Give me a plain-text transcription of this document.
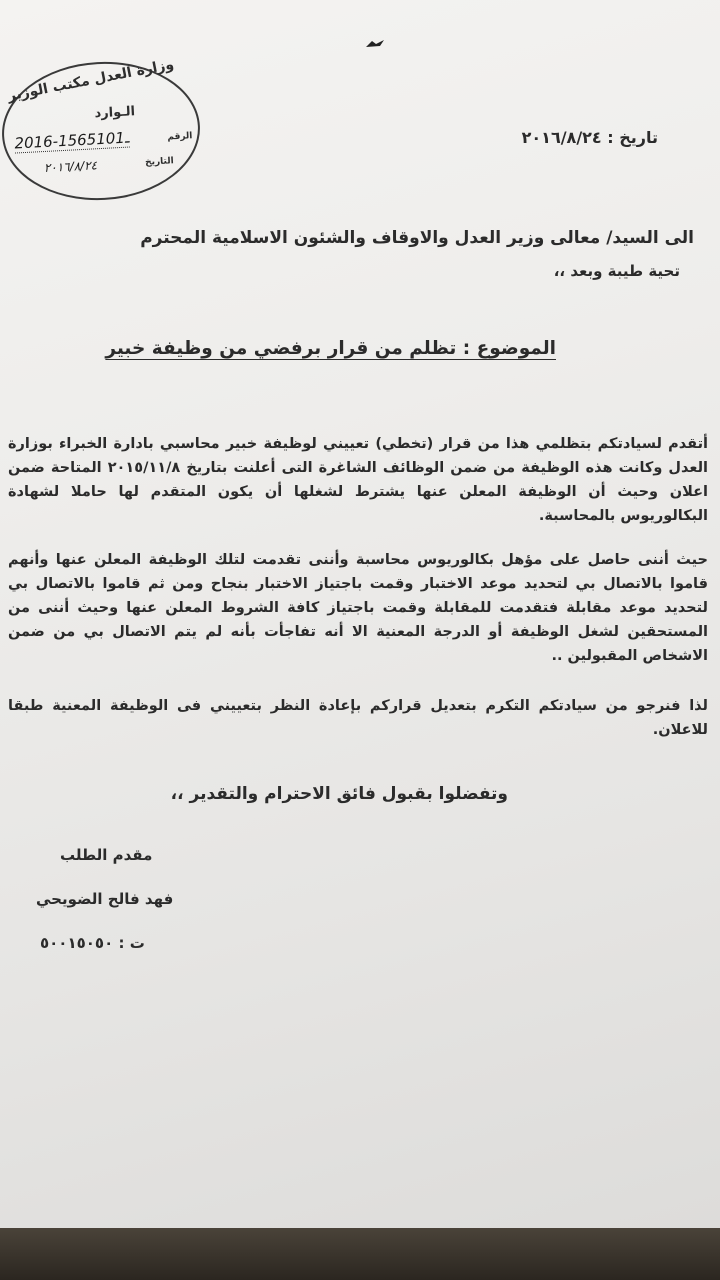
وزارة العدل مكتب الوزير
الـوارد
الرقم
2016-15651ـ01
التاريخ
٢٠١٦/٨/٢٤
تاريخ : ٢٠١٦/٨/٢٤
الى السيد/ معالى وزير العدل والاوقاف والشئون الاسلامية المحترم
تحية طيبة وبعد ،،
الموضوع : تظلم من قرار برفضي من وظيفة خبير
أتقدم لسيادتكم بتظلمي هذا من قرار (تخطي) تعييني لوظيفة خبير محاسبي بادارة الخبراء بوزارة العدل وكانت هذه الوظيفة من ضمن الوظائف الشاغرة التى أعلنت بتاريخ ٢٠١٥/١١/٨ المتاحة ضمن اعلان وحيث أن الوظيفة المعلن عنها يشترط لشغلها أن يكون المتقدم لها حاملا لشهادة البكالوريوس بالمحاسبة.
حيث أننى حاصل على مؤهل بكالوريوس محاسبة وأننى تقدمت لتلك الوظيفة المعلن عنها وأنهم قاموا بالاتصال بي لتحديد موعد الاختبار وقمت باجتياز الاختبار بنجاح ومن ثم قاموا بالاتصال بي لتحديد موعد مقابلة فتقدمت للمقابلة وقمت باجتياز كافة الشروط المعلن عنها وحيث أننى من المستحقين لشغل الوظيفة أو الدرجة المعنية الا أنه تفاجأت بأنه لم يتم الاتصال بي من ضمن الاشخاص المقبولين ..
لذا فنرجو من سيادتكم التكرم بتعديل قراركم بإعادة النظر بتعييني فى الوظيفة المعنية طبقا للاعلان.
وتفضلوا بقبول فائق الاحترام والتقدير ،،
مقدم الطلب
فهد فالح الضويحي
ت : ٥٠٠١٥٠٥٠
